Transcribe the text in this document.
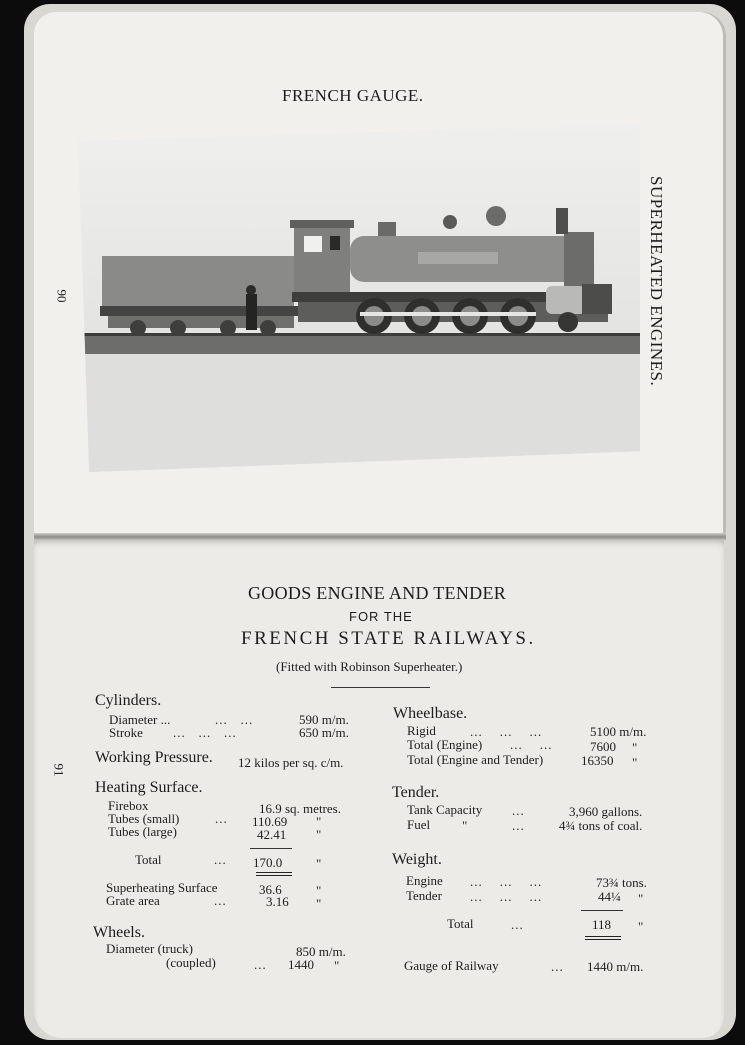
FRENCH GAUGE.
SUPERHEATED ENGINES.
90
91
GOODS ENGINE AND TENDER
FOR THE
FRENCH STATE RAILWAYS.
(Fitted with Robinson Superheater.)
Cylinders.
Diameter ...	... ...	590 m/m.
Stroke ... ... ...	650 m/m.
Working Pressure. 12 kilos per sq. c/m.
Heating Surface.
Firebox	16.9 sq. metres.
Tubes (small)	... 110.69 "
Tubes (large)	42.41 "
Total	... 170.0	"
Superheating Surface	36.6	"
Grate area	...	3.16 "
Wheels.
Diameter (truck)	850 m/m.
(coupled)	... 1440 "
Wheelbase.
Rigid	... ... ...	5100 m/m.
Total (Engine) ... ...	7600 "
Total (Engine and Tender)	16350 "
Tender.
Tank Capacity ...	3,960 gallons.
Fuel "	...	4¾ tons of coal.
Weight.
Engine ... ... ...	73¾ tons.
Tender ... ... ...	44¼ "
Total	...	118 "
Gauge of Railway	... 1440 m/m.
